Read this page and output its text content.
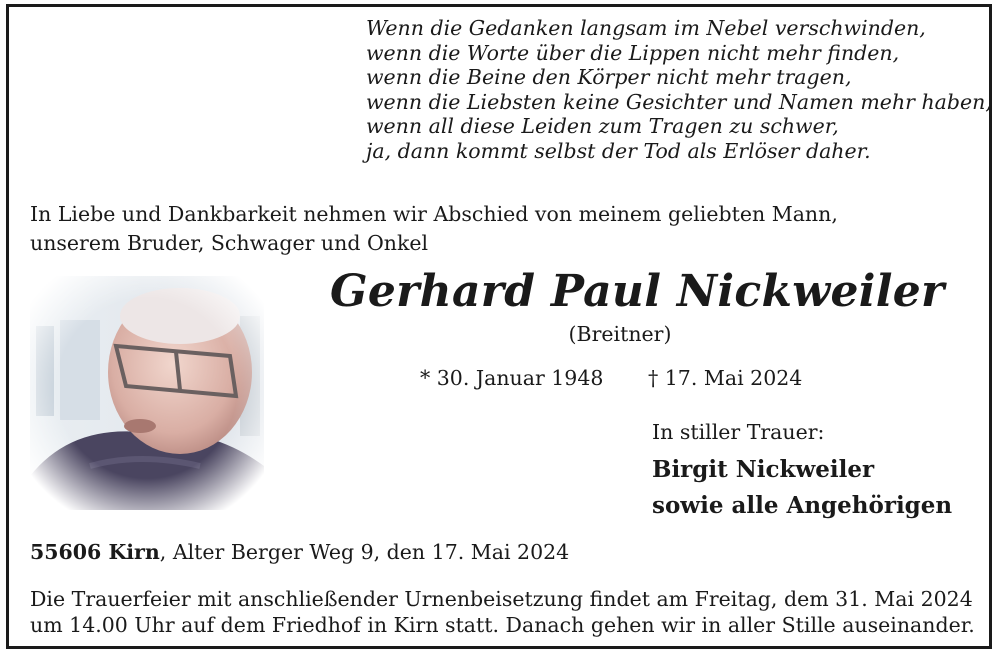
Wenn die Gedanken langsam im Nebel verschwinden,
wenn die Worte über die Lippen nicht mehr finden,
wenn die Beine den Körper nicht mehr tragen,
wenn die Liebsten keine Gesichter und Namen mehr haben,
wenn all diese Leiden zum Tragen zu schwer,
ja, dann kommt selbst der Tod als Erlöser daher.
In Liebe und Dankbarkeit nehmen wir Abschied von meinem geliebten Mann,
unserem Bruder, Schwager und Onkel
Gerhard Paul Nickweiler
(Breitner)
* 30. Januar 1948 † 17. Mai 2024
In stiller Trauer:
Birgit Nickweiler
sowie alle Angehörigen
55606 Kirn, Alter Berger Weg 9, den 17. Mai 2024
Die Trauerfeier mit anschließender Urnenbeisetzung findet am Freitag, dem 31. Mai 2024
um 14.00 Uhr auf dem Friedhof in Kirn statt. Danach gehen wir in aller Stille auseinander.
